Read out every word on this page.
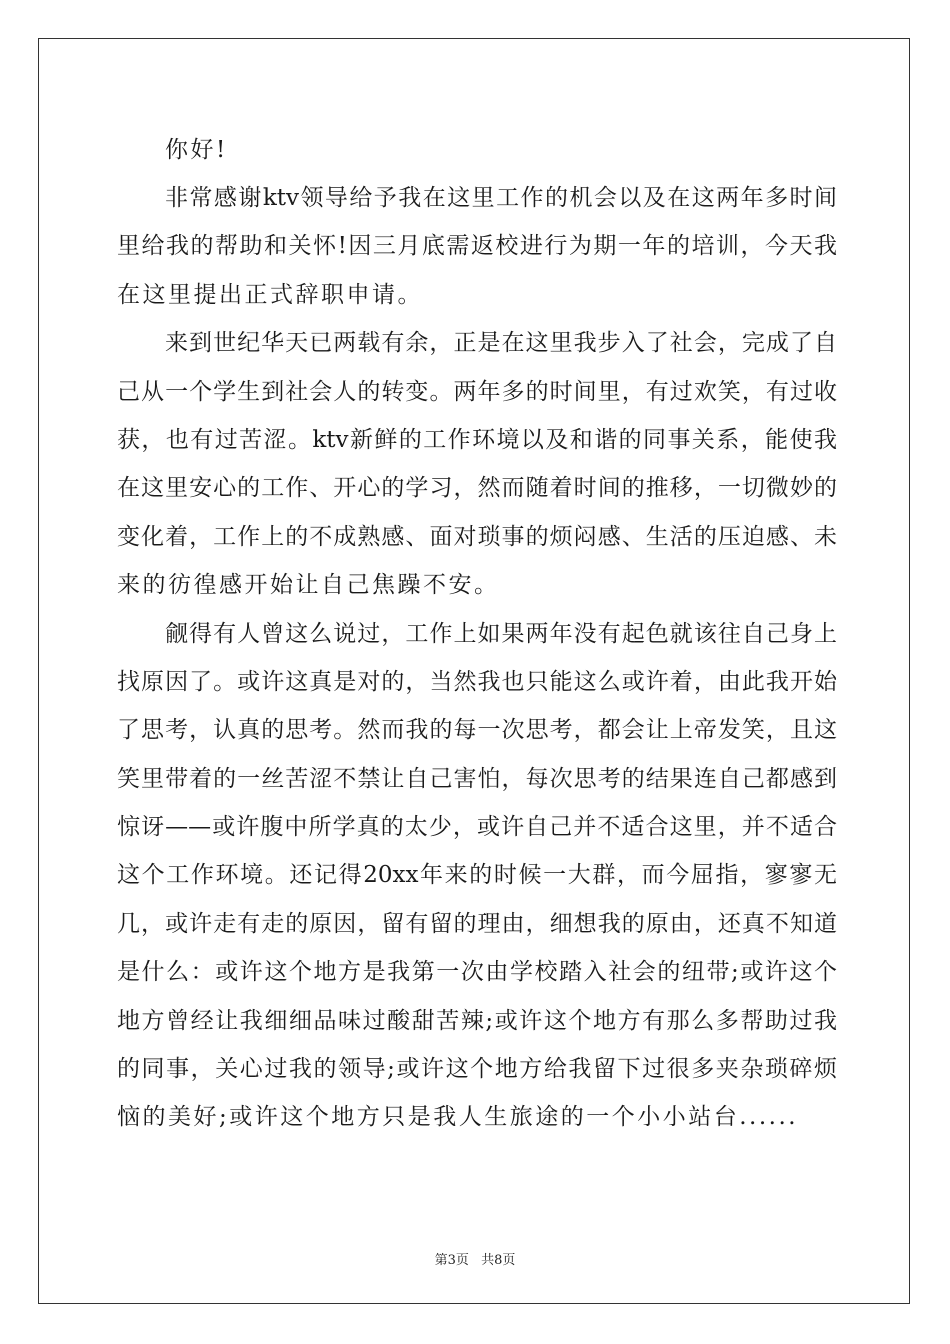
你好!

非常感谢ktv领导给予我在这里工作的机会以及在这两年多时间
里给我的帮助和关怀!因三月底需返校进行为期一年的培训，今天我
在这里提出正式辞职申请。
来到世纪华天已两载有余，正是在这里我步入了社会，完成了自
己从一个学生到社会人的转变。两年多的时间里，有过欢笑，有过收
获，也有过苦涩。ktv新鲜的工作环境以及和谐的同事关系，能使我
在这里安心的工作、开心的学习，然而随着时间的推移，一切微妙的
变化着，工作上的不成熟感、面对琐事的烦闷感、生活的压迫感、未
来的彷徨感开始让自己焦躁不安。
觎得有人曾这么说过，工作上如果两年没有起色就该往自己身上
找原因了。或许这真是对的，当然我也只能这么或许着，由此我开始
了思考，认真的思考。然而我的每一次思考，都会让上帝发笑，且这
笑里带着的一丝苦涩不禁让自己害怕，每次思考的结果连自己都感到
惊讶——或许腹中所学真的太少，或许自己并不适合这里，并不适合
这个工作环境。还记得20xx年来的时候一大群，而今屈指，寥寥无
几，或许走有走的原因，留有留的理由，细想我的原由，还真不知道
是什么：或许这个地方是我第一次由学校踏入社会的纽带;或许这个
地方曾经让我细细品味过酸甜苦辣;或许这个地方有那么多帮助过我
的同事，关心过我的领导;或许这个地方给我留下过很多夹杂琐碎烦
恼的美好;或许这个地方只是我人生旅途的一个小小站台......
第3页 共8页
